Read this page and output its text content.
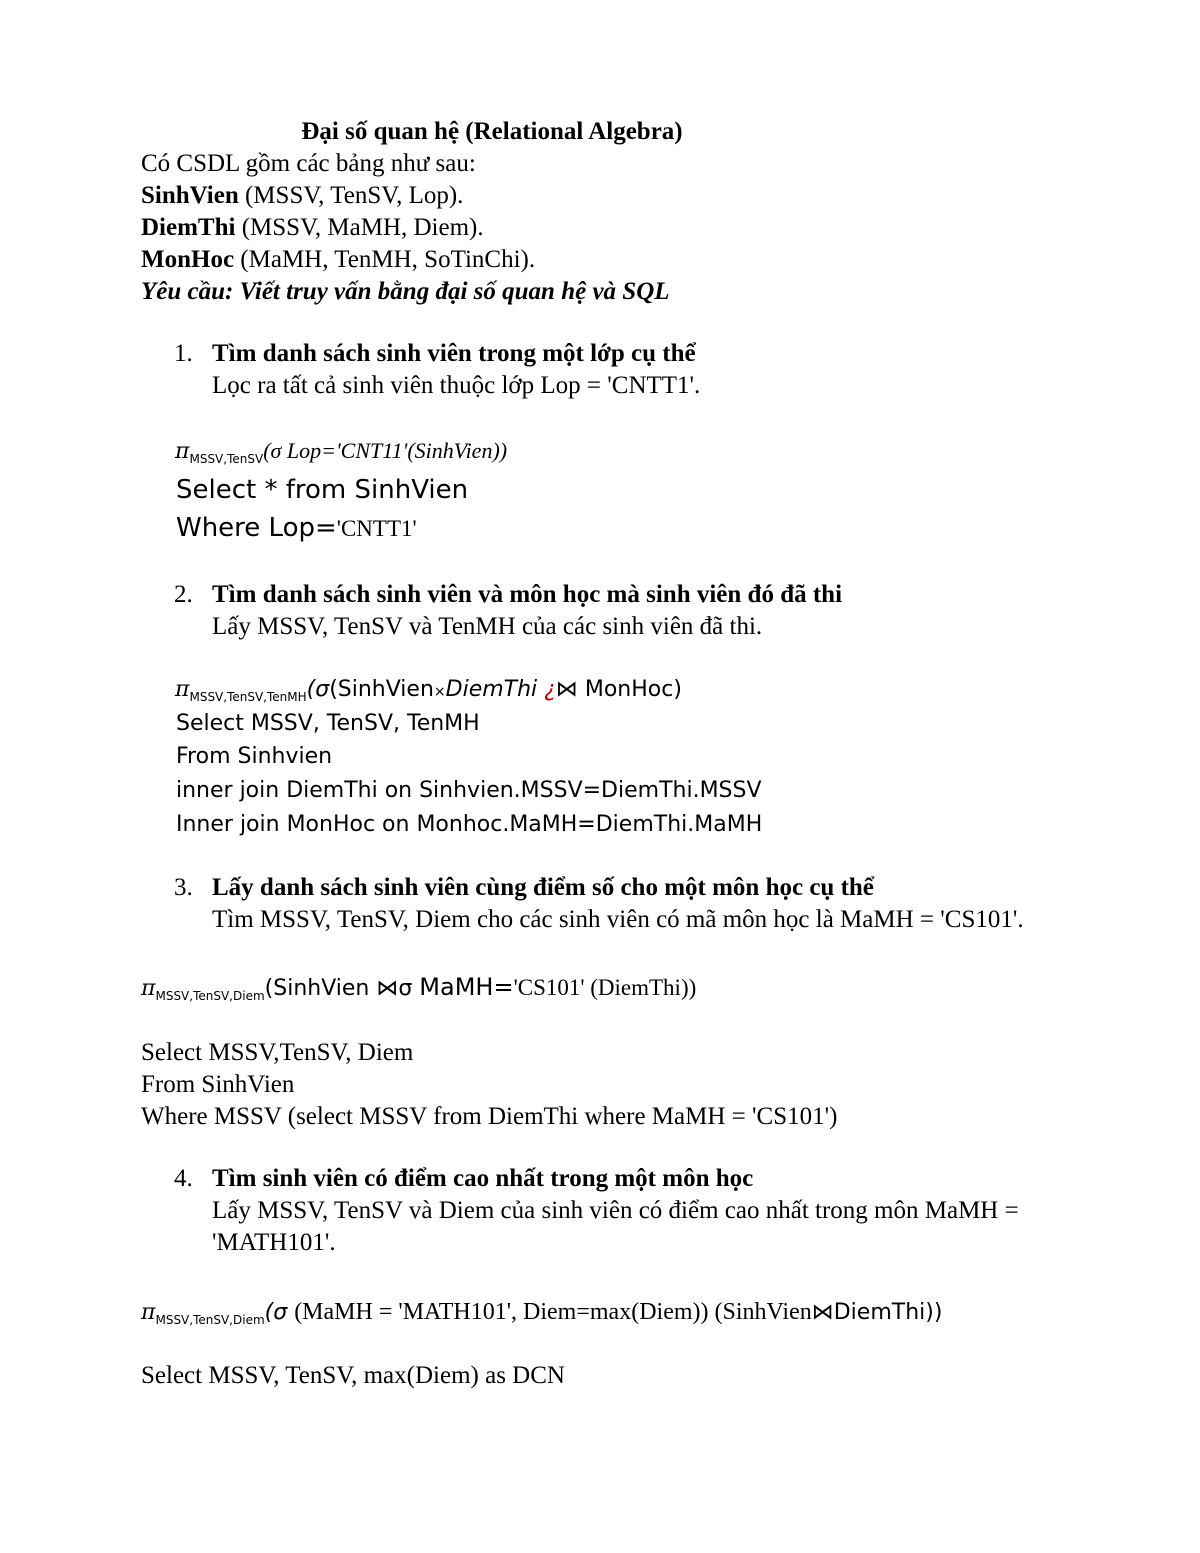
Đại số quan hệ (Relational Algebra)
Có CSDL gồm các bảng như sau:
SinhVien (MSSV, TenSV, Lop).
DiemThi (MSSV, MaMH, Diem).
MonHoc (MaMH, TenMH, SoTinChi).
Yêu cầu: Viết truy vấn bằng đại số quan hệ và SQL
1. Tìm danh sách sinh viên trong một lớp cụ thể
Lọc ra tất cả sinh viên thuộc lớp Lop = 'CNTT1'.
$\pi_{MSSV,TenSV}(\sigma$ Lop='CNT11'(SinhVien))
Select * from SinhVien
Where Lop='CNTT1'
2. Tìm danh sách sinh viên và môn học mà sinh viên đó đã thi
Lấy MSSV, TenSV và TenMH của các sinh viên đã thi.
$\pi_{MSSV,TenSV,TenMH}(\sigma(SinhVien\times DiemThi$ ¿⋈ MonHoc)
Select MSSV, TenSV, TenMH
From Sinhvien
inner join DiemThi on Sinhvien.MSSV=DiemThi.MSSV
Inner join MonHoc on Monhoc.MaMH=DiemThi.MaMH
3. Lấy danh sách sinh viên cùng điểm số cho một môn học cụ thể
Tìm MSSV, TenSV, Diem cho các sinh viên có mã môn học là MaMH = 'CS101'.
$\pi_{MSSV,TenSV,Diem}(SinhVien$ ⋈σ MaMH='CS101' (DiemThi))
Select MSSV,TenSV, Diem
From SinhVien
Where MSSV (select MSSV from DiemThi where MaMH = 'CS101')
4. Tìm sinh viên có điểm cao nhất trong một môn học
Lấy MSSV, TenSV và Diem của sinh viên có điểm cao nhất trong môn MaMH =
'MATH101'.
$\pi_{MSSV,TenSV,Diem}(\sigma$ (MaMH = 'MATH101', Diem=max(Diem)) (SinhVien⋈DiemThi))
Select MSSV, TenSV, max(Diem) as DCN
